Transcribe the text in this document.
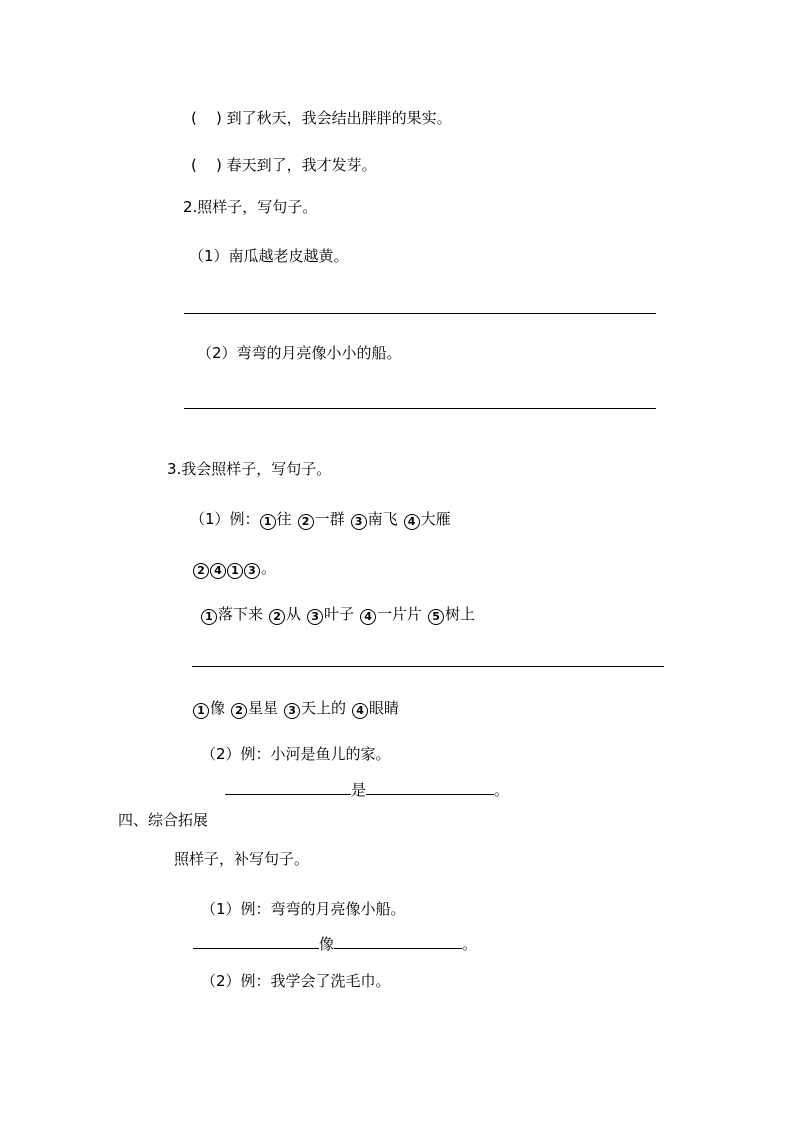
( ) 到了秋天，我会结出胖胖的果实。
( ) 春天到了，我才发芽。
2.照样子，写句子。
（1）南瓜越老皮越黄。
（2）弯弯的月亮像小小的船。
3.我会照样子，写句子。
（1）例： 1 往 2 一群 3 南飞 4 大雁
2 4 1 3 。
1 落下来 2 从 3 叶子 4 一片片 5 树上
1 像 2 星星 3 天上的 4 眼睛
（2）例：小河是鱼儿的家。
是	。
四、综合拓展
照样子，补写句子。
（1）例：弯弯的月亮像小船。
像	。
（2）例：我学会了洗毛巾。
